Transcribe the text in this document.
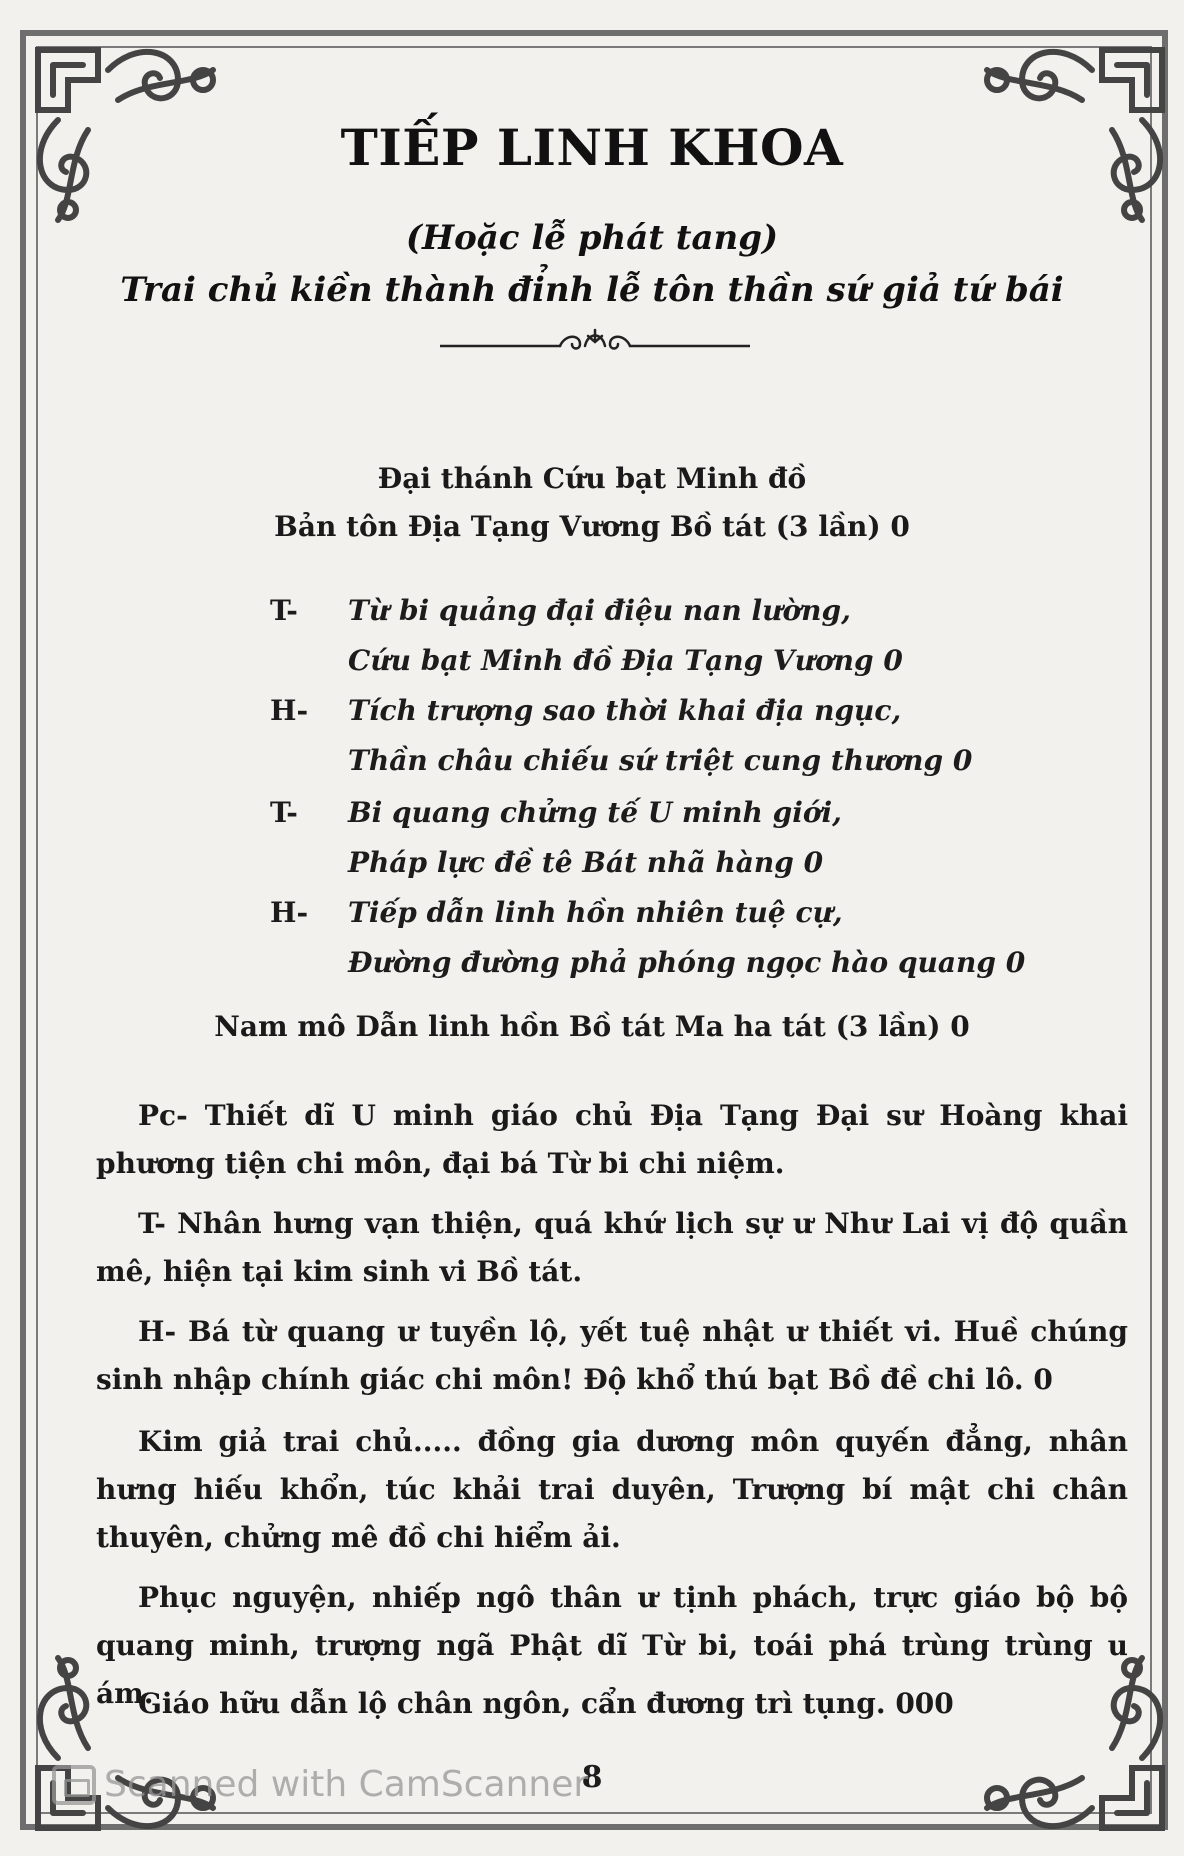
TIẾP LINH KHOA
(Hoặc lễ phát tang)
Trai chủ kiền thành đỉnh lễ tôn thần sứ giả tứ bái
Đại thánh Cứu bạt Minh đồ
Bản tôn Địa Tạng Vương Bồ tát (3 lần) 0
T- Từ bi quảng đại điệu nan lường,
Cứu bạt Minh đồ Địa Tạng Vương 0
H- Tích trượng sao thời khai địa ngục,
Thần châu chiếu sứ triệt cung thương 0
T- Bi quang chửng tế U minh giới,
Pháp lực đề tê Bát nhã hàng 0
H- Tiếp dẫn linh hồn nhiên tuệ cự,
Đường đường phả phóng ngọc hào quang 0
Nam mô Dẫn linh hồn Bồ tát Ma ha tát (3 lần) 0
Pc- Thiết dĩ U minh giáo chủ Địa Tạng Đại sư Hoàng khai phương tiện chi môn, đại bá Từ bi chi niệm.
T- Nhân hưng vạn thiện, quá khứ lịch sự ư Như Lai vị độ quần mê, hiện tại kim sinh vi Bồ tát.
H- Bá từ quang ư tuyền lộ, yết tuệ nhật ư thiết vi. Huề chúng sinh nhập chính giác chi môn! Độ khổ thú bạt Bồ đề chi lô. 0
Kim giả trai chủ..... đồng gia dương môn quyến đẳng, nhân hưng hiếu khổn, túc khải trai duyên, Trượng bí mật chi chân thuyên, chửng mê đồ chi hiểm ải.
Phục nguyện, nhiếp ngô thân ư tịnh phách, trực giáo bộ bộ quang minh, trượng ngã Phật dĩ Từ bi, toái phá trùng trùng u ám.
Giáo hữu dẫn lộ chân ngôn, cẩn đương trì tụng. 000
8
Scanned with CamScanner
